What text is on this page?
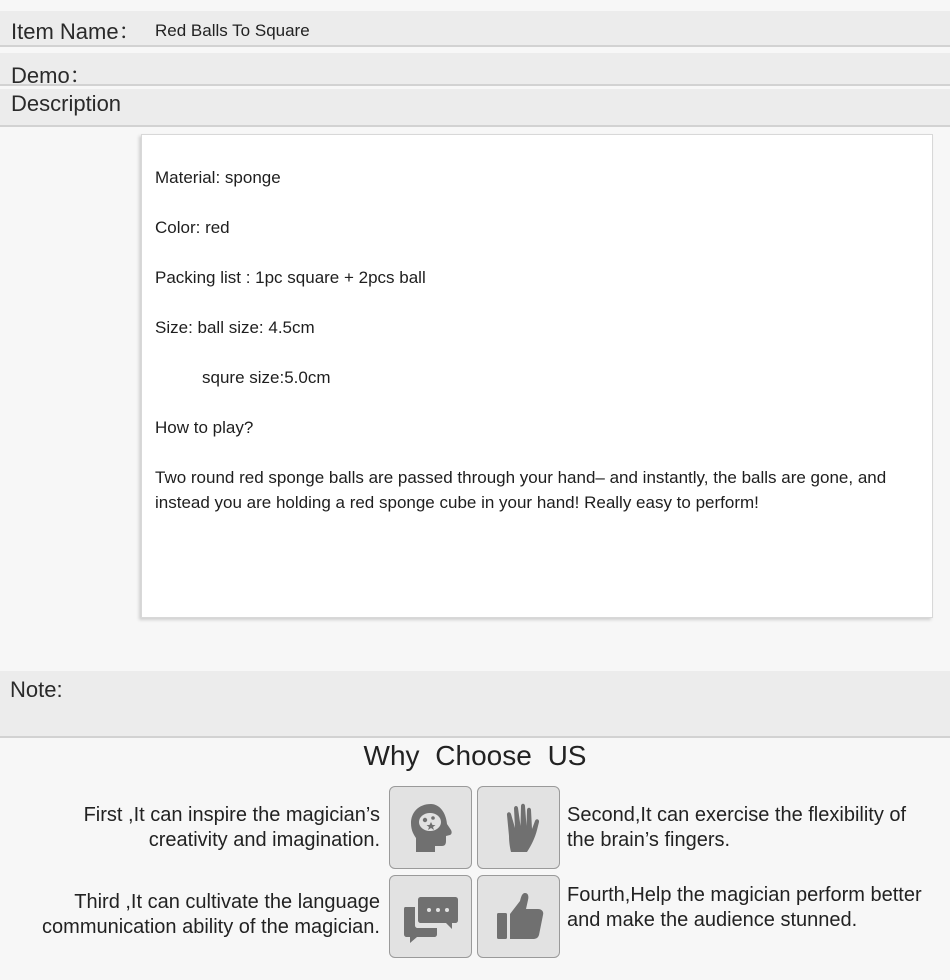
Item Name： Red Balls To Square
Demo：
Description
Material: sponge
Color: red
Packing list : 1pc square + 2pcs ball
Size: ball size: 4.5cm
squre size:5.0cm
How to play?
Two round red sponge balls are passed through your hand– and instantly, the balls are gone, and instead you are holding a red sponge cube in your hand! Really easy to perform!
Note:
Why Choose US
First ,It can inspire the magician’s creativity and imagination.
Second,It can exercise the flexibility of the brain’s fingers.
Third ,It can cultivate the language communication ability of the magician.
Fourth,Help the magician perform better and make the audience stunned.
